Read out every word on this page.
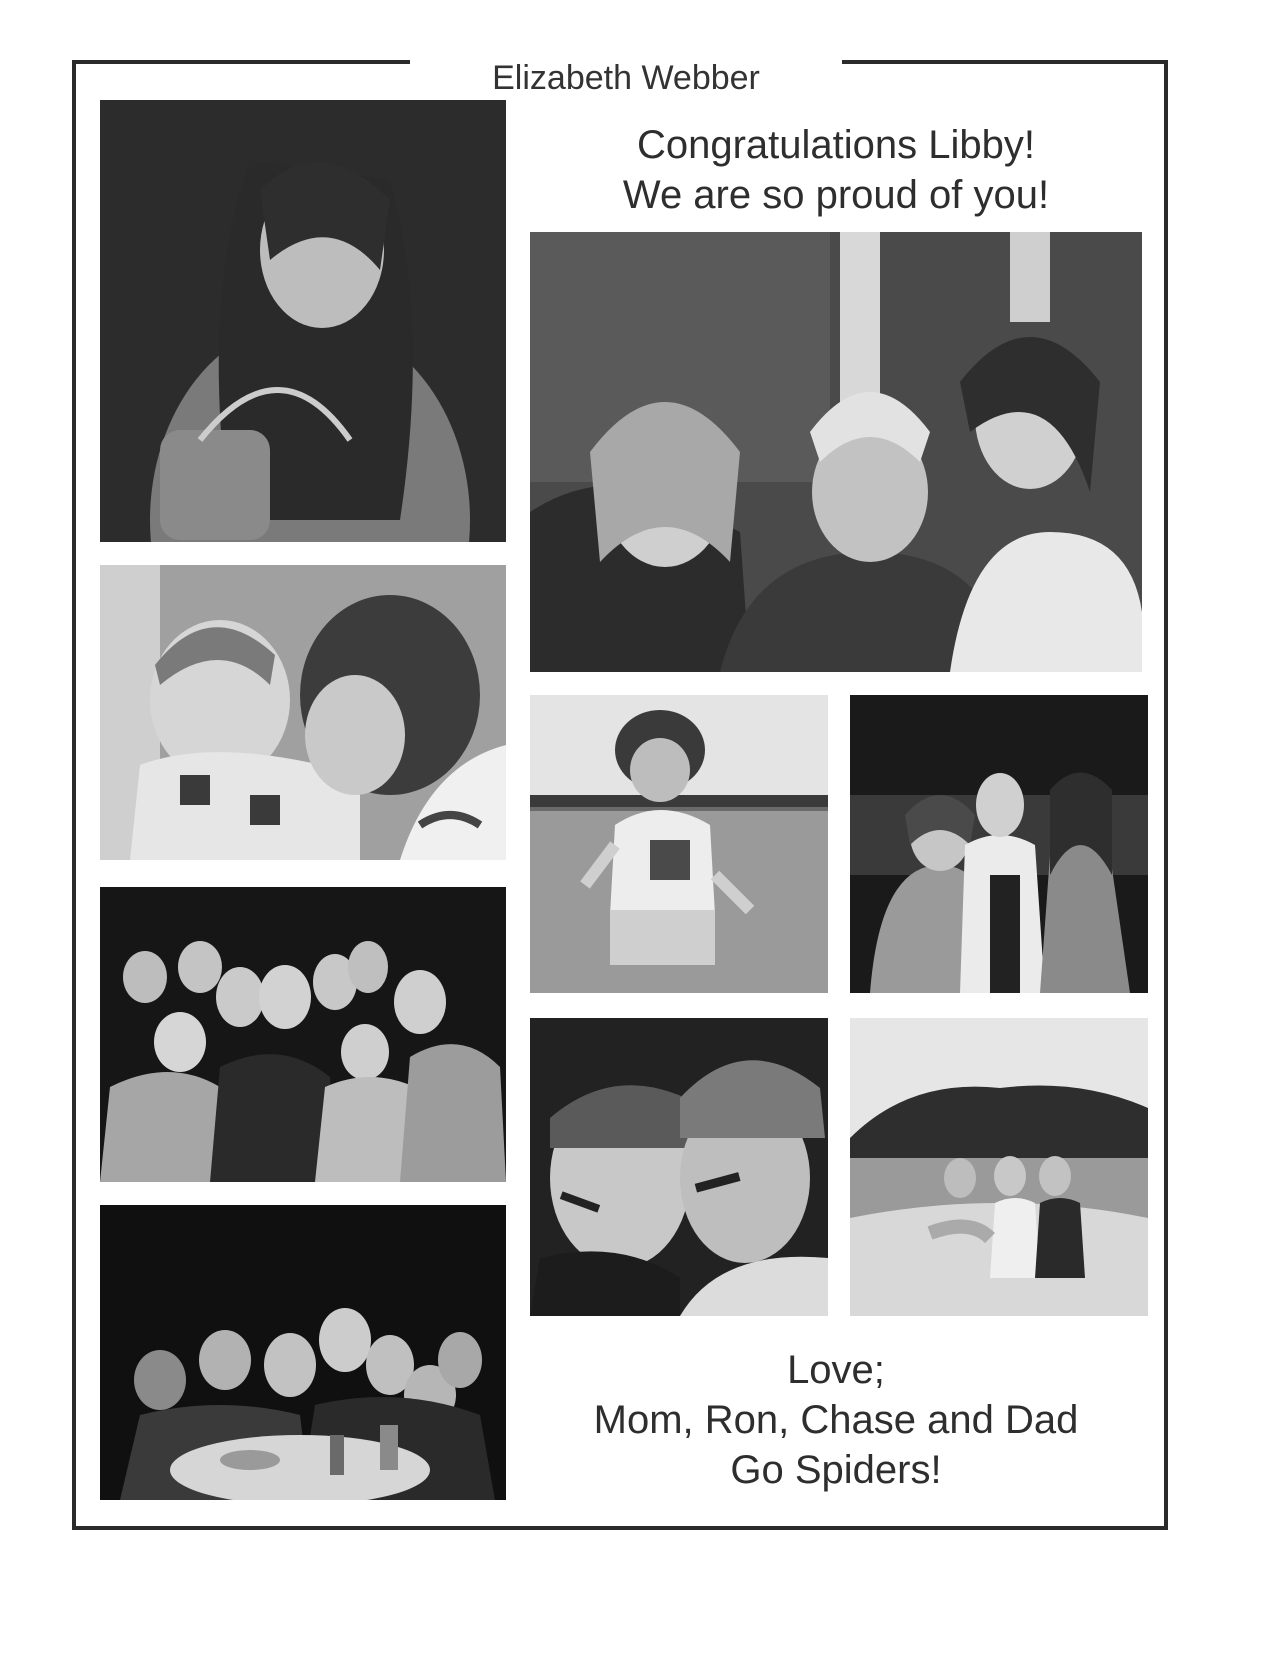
Elizabeth Webber
Congratulations Libby!
We are so proud of you!
Love;
Mom, Ron, Chase and Dad
Go Spiders!
